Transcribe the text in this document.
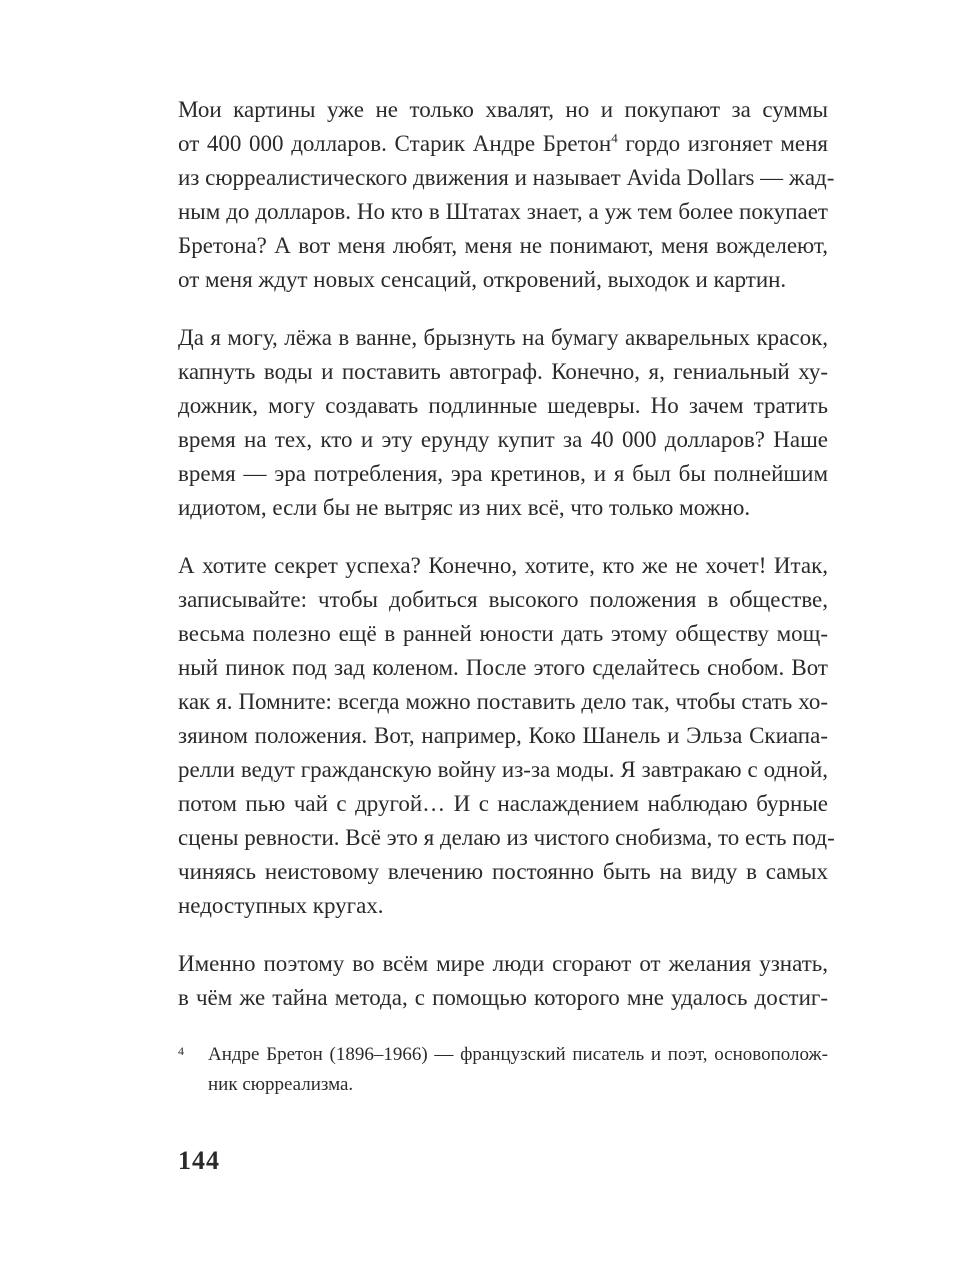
Мои картины уже не только хвалят, но и покупают за суммы
от 400 000 долларов. Старик Андре Бретон$^4$ гордо изгоняет меня
из сюрреалистического движения и называет Avida Dollars — жад-
ным до долларов. Но кто в Штатах знает, а уж тем более покупает
Бретона? А вот меня любят, меня не понимают, меня вожделеют,
от меня ждут новых сенсаций, откровений, выходок и картин.

Да я могу, лёжа в ванне, брызнуть на бумагу акварельных красок,
капнуть воды и поставить автограф. Конечно, я, гениальный ху-
дожник, могу создавать подлинные шедевры. Но зачем тратить
время на тех, кто и эту ерунду купит за 40 000 долларов? Наше
время — эра потребления, эра кретинов, и я был бы полнейшим
идиотом, если бы не вытряс из них всё, что только можно.

А хотите секрет успеха? Конечно, хотите, кто же не хочет! Итак,
записывайте: чтобы добиться высокого положения в обществе,
весьма полезно ещё в ранней юности дать этому обществу мощ-
ный пинок под зад коленом. После этого сделайтесь снобом. Вот
как я. Помните: всегда можно поставить дело так, чтобы стать хо-
зяином положения. Вот, например, Коко Шанель и Эльза Скиапа-
релли ведут гражданскую войну из-за моды. Я завтракаю с одной,
потом пью чай с другой… И с наслаждением наблюдаю бурные
сцены ревности. Всё это я делаю из чистого снобизма, то есть под-
чиняясь неистовому влечению постоянно быть на виду в самых
недоступных кругах.

Именно поэтому во всём мире люди сгорают от желания узнать,
в чём же тайна метода, с помощью которого мне удалось достиг-

4 Андре Бретон (1896–1966) — французский писатель и поэт, основополож-
ник сюрреализма.
144
